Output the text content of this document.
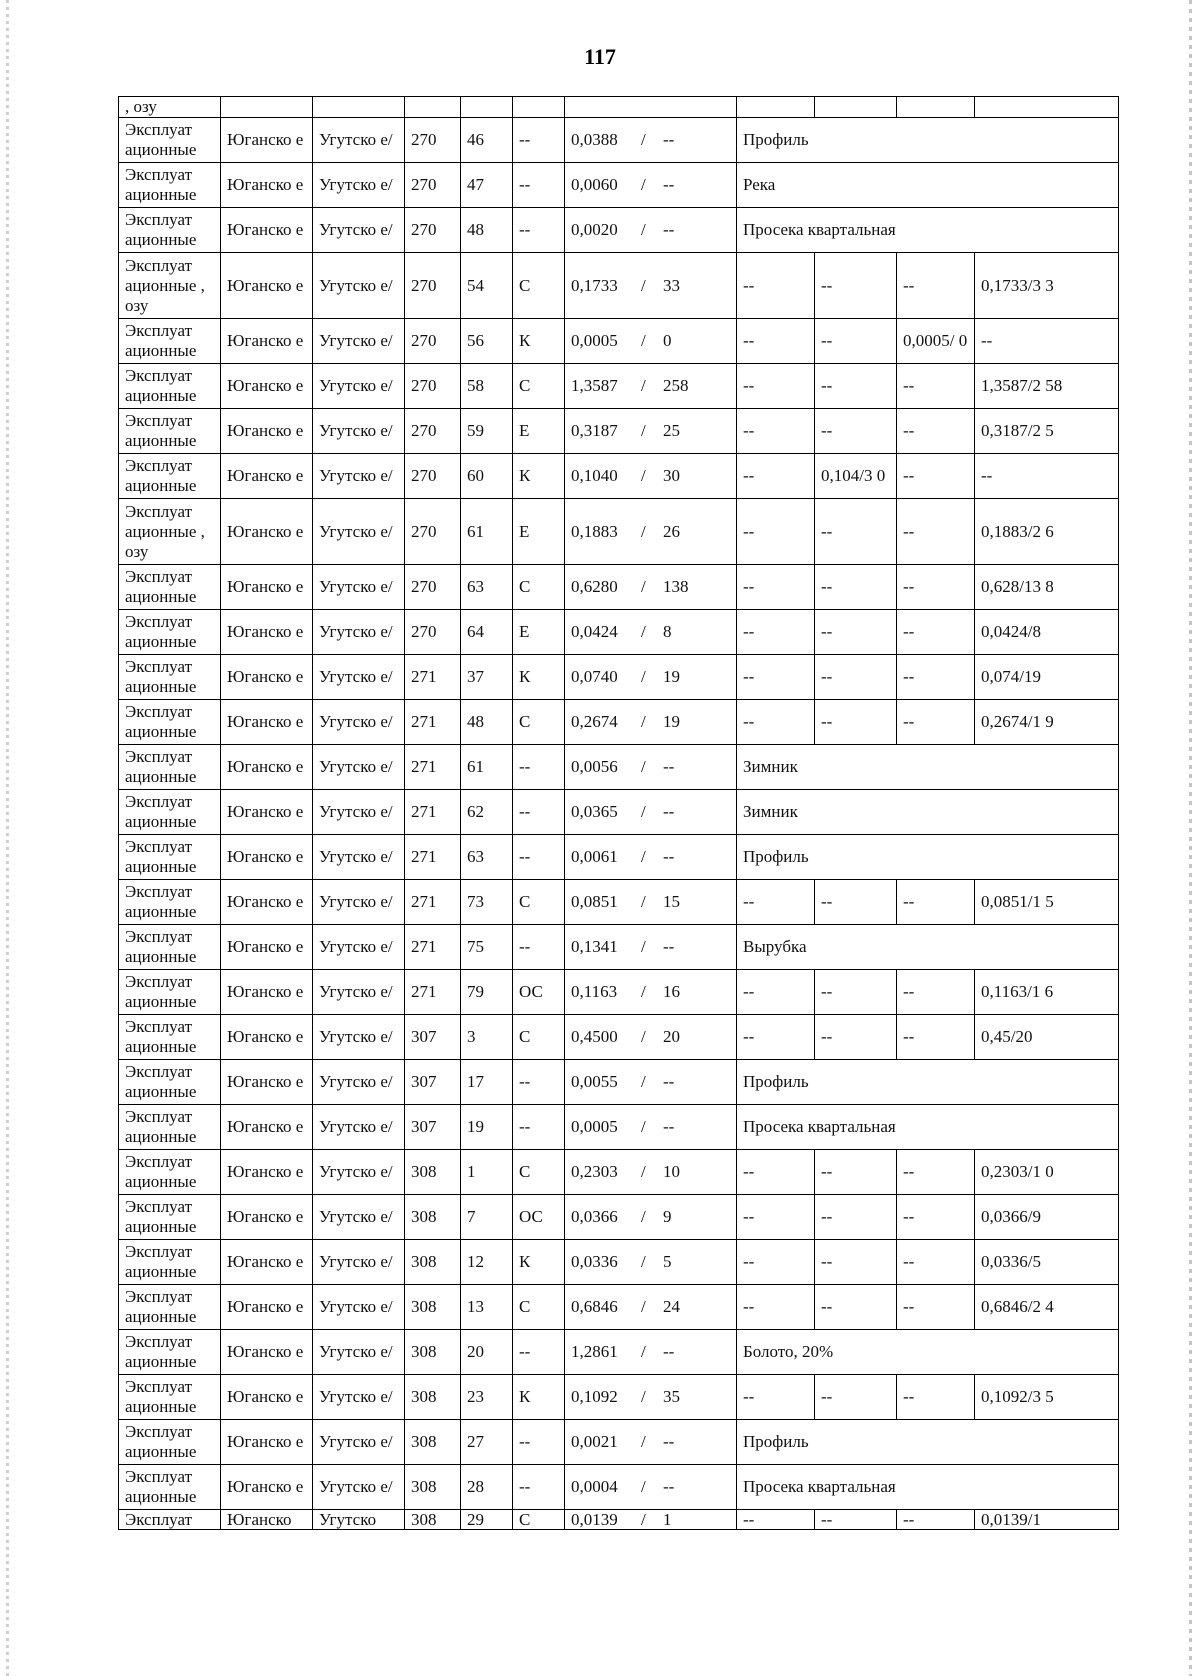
117
, озу										
Эксплуат ационные	Юганско е	Угутско е/	270	46	--	0,0388 / --	Профиль			
Эксплуат ационные	Юганско е	Угутско е/	270	47	--	0,0060 / --	Река			
Эксплуат ационные	Юганско е	Угутско е/	270	48	--	0,0020 / --	Просека квартальная			
Эксплуат ационные , озу	Юганско е	Угутско е/	270	54	С	0,1733 / 33	--	--	--	0,1733/3 3
Эксплуат ационные	Юганско е	Угутско е/	270	56	К	0,0005 / 0	--	--	0,0005/ 0	--
Эксплуат ационные	Юганско е	Угутско е/	270	58	С	1,3587 / 258	--	--	--	1,3587/2 58
Эксплуат ационные	Юганско е	Угутско е/	270	59	Е	0,3187 / 25	--	--	--	0,3187/2 5
Эксплуат ационные	Юганско е	Угутско е/	270	60	К	0,1040 / 30	--	0,104/3 0	--	--
Эксплуат ационные , озу	Юганско е	Угутско е/	270	61	Е	0,1883 / 26	--	--	--	0,1883/2 6
Эксплуат ационные	Юганско е	Угутско е/	270	63	С	0,6280 / 138	--	--	--	0,628/13 8
Эксплуат ационные	Юганско е	Угутско е/	270	64	Е	0,0424 / 8	--	--	--	0,0424/8
Эксплуат ационные	Юганско е	Угутско е/	271	37	К	0,0740 / 19	--	--	--	0,074/19
Эксплуат ационные	Юганско е	Угутско е/	271	48	С	0,2674 / 19	--	--	--	0,2674/1 9
Эксплуат ационные	Юганско е	Угутско е/	271	61	--	0,0056 / --	Зимник			
Эксплуат ационные	Юганско е	Угутско е/	271	62	--	0,0365 / --	Зимник			
Эксплуат ационные	Юганско е	Угутско е/	271	63	--	0,0061 / --	Профиль			
Эксплуат ационные	Юганско е	Угутско е/	271	73	С	0,0851 / 15	--	--	--	0,0851/1 5
Эксплуат ационные	Юганско е	Угутско е/	271	75	--	0,1341 / --	Вырубка			
Эксплуат ационные	Юганско е	Угутско е/	271	79	ОС	0,1163 / 16	--	--	--	0,1163/1 6
Эксплуат ационные	Юганско е	Угутско е/	307	3	С	0,4500 / 20	--	--	--	0,45/20
Эксплуат ационные	Юганско е	Угутско е/	307	17	--	0,0055 / --	Профиль			
Эксплуат ационные	Юганско е	Угутско е/	307	19	--	0,0005 / --	Просека квартальная			
Эксплуат ационные	Юганско е	Угутско е/	308	1	С	0,2303 / 10	--	--	--	0,2303/1 0
Эксплуат ационные	Юганско е	Угутско е/	308	7	ОС	0,0366 / 9	--	--	--	0,0366/9
Эксплуат ационные	Юганско е	Угутско е/	308	12	К	0,0336 / 5	--	--	--	0,0336/5
Эксплуат ационные	Юганско е	Угутско е/	308	13	С	0,6846 / 24	--	--	--	0,6846/2 4
Эксплуат ационные	Юганско е	Угутско е/	308	20	--	1,2861 / --	Болото, 20%			
Эксплуат ационные	Юганско е	Угутско е/	308	23	К	0,1092 / 35	--	--	--	0,1092/3 5
Эксплуат ационные	Юганско е	Угутско е/	308	27	--	0,0021 / --	Профиль			
Эксплуат ационные	Юганско е	Угутско е/	308	28	--	0,0004 / --	Просека квартальная			
Эксплуат	Юганско	Угутско	308	29	С	0,0139 / 1	--	--	--	0,0139/1
